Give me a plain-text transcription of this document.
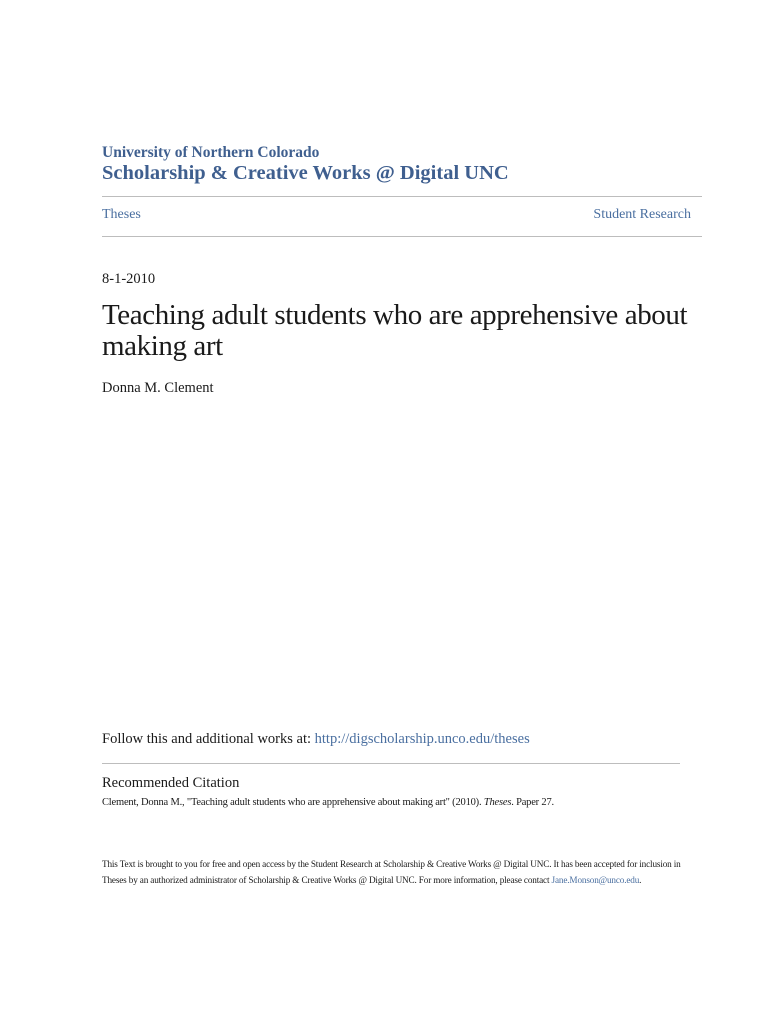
University of Northern Colorado
Scholarship & Creative Works @ Digital UNC
Theses	Student Research
8-1-2010
Teaching adult students who are apprehensive about making art
Donna M. Clement
Follow this and additional works at: http://digscholarship.unco.edu/theses
Recommended Citation
Clement, Donna M., "Teaching adult students who are apprehensive about making art" (2010). Theses. Paper 27.
This Text is brought to you for free and open access by the Student Research at Scholarship & Creative Works @ Digital UNC. It has been accepted for inclusion in Theses by an authorized administrator of Scholarship & Creative Works @ Digital UNC. For more information, please contact Jane.Monson@unco.edu.
